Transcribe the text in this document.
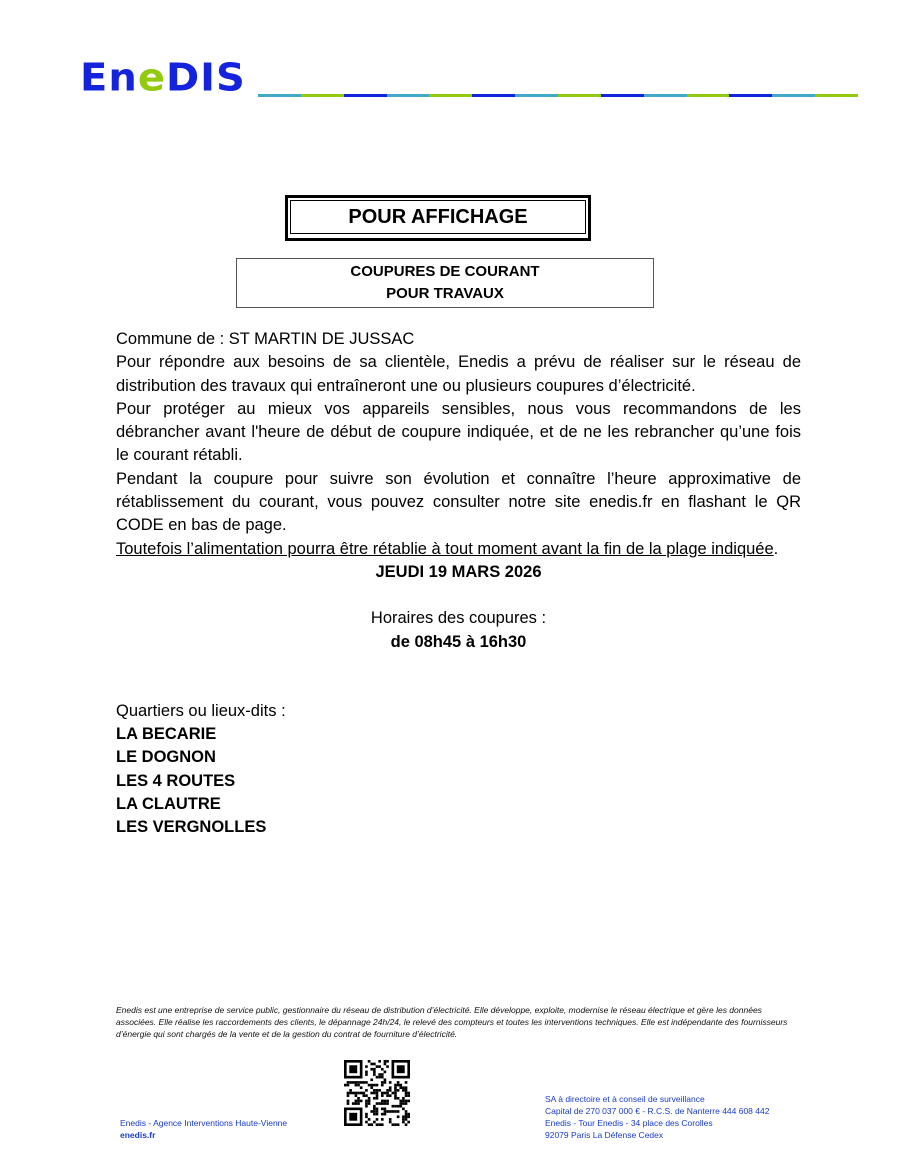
EneDIS
POUR AFFICHAGE
COUPURES DE COURANT
POUR TRAVAUX

Commune de : ST MARTIN DE JUSSAC

Pour répondre aux besoins de sa clientèle, Enedis a prévu de réaliser sur le réseau de distribution des travaux qui entraîneront une ou plusieurs coupures d’électricité.

Pour protéger au mieux vos appareils sensibles, nous vous recommandons de les débrancher avant l'heure de début de coupure indiquée, et de ne les rebrancher qu’une fois le courant rétabli.

Pendant la coupure pour suivre son évolution et connaître l’heure approximative de rétablissement du courant, vous pouvez consulter notre site enedis.fr en flashant le QR CODE en bas de page.

Toutefois l’alimentation pourra être rétablie à tout moment avant la fin de la plage indiquée.

JEUDI 19 MARS 2026

Horaires des coupures :

de 08h45 à 16h30

Quartiers ou lieux-dits :

LA BECARIE
LE DOGNON
LES 4 ROUTES
LA CLAUTRE
LES VERGNOLLES
Enedis est une entreprise de service public, gestionnaire du réseau de distribution d’électricité. Elle développe, exploite, modernise le réseau électrique et gère les données associées. Elle réalise les raccordements des clients, le dépannage 24h/24, le relevé des compteurs et toutes les interventions techniques. Elle est indépendante des fournisseurs d’énergie qui sont chargés de la vente et de la gestion du contrat de fourniture d’électricité.
Enedis - Agence Interventions Haute-Vienne
enedis.fr
SA à directoire et à conseil de surveillance
Capital de 270 037 000 € - R.C.S. de Nanterre 444 608 442
Enedis - Tour Enedis - 34 place des Corolles
92079 Paris La Défense Cedex
